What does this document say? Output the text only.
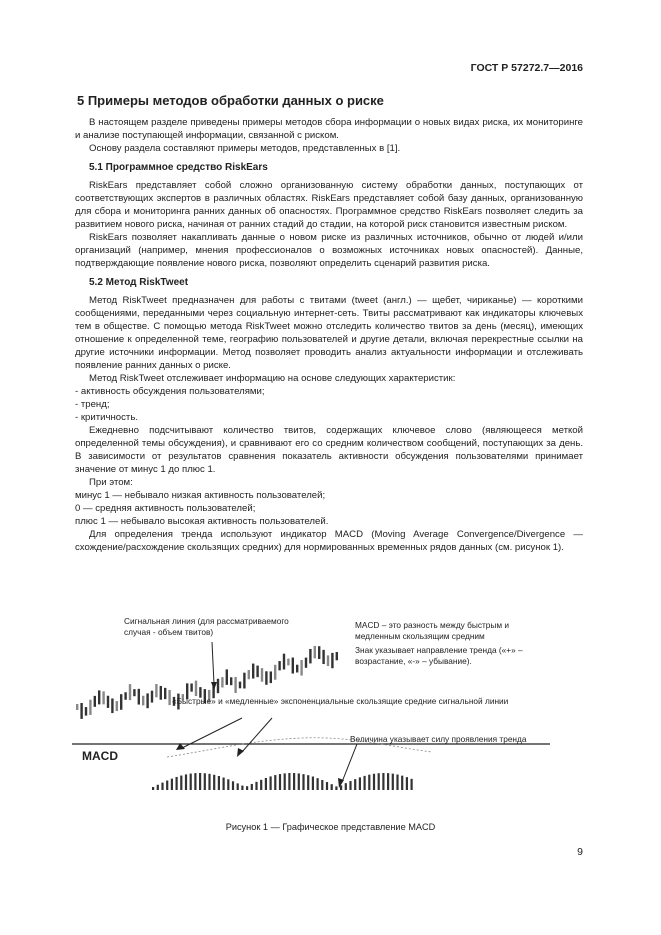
ГОСТ Р 57272.7—2016
5 Примеры методов обработки данных о риске

В настоящем разделе приведены примеры методов сбора информации о новых видах риска, их мониторинге и анализе поступающей информации, связанной с риском.

Основу раздела составляют примеры методов, представленных в [1].

5.1 Программное средство RiskEars

RiskEars представляет собой сложно организованную систему обработки данных, поступающих от соответствующих экспертов в различных областях. RiskEars представляет собой базу данных, организованную для сбора и мониторинга ранних данных об опасностях. Программное средство RiskEars позволяет следить за развитием нового риска, начиная от ранних стадий до стадии, на которой риск становится известным риском.

RiskEars позволяет накапливать данные о новом риске из различных источников, обычно от людей и/или организаций (например, мнения профессионалов о возможных источниках новых опасностей). Данные, подтверждающие появление нового риска, позволяют определить сценарий развития риска.

5.2 Метод RiskTweet

Метод RiskTweet предназначен для работы с твитами (tweet (англ.) — щебет, чириканье) — короткими сообщениями, переданными через социальную интернет-сеть. Твиты рассматривают как индикаторы ключевых тем в обществе. С помощью метода RiskTweet можно отследить количество твитов за день (месяц), имеющих отношение к определенной теме, географию пользователей и другие детали, включая перекрестные ссылки на другие источники информации. Метод позволяет проводить анализ актуальности информации и отслеживать появление ранних данных о риске.

Метод RiskTweet отслеживает информацию на основе следующих характеристик:

- активность обсуждения пользователями;

- тренд;

- критичность.

Ежедневно подсчитывают количество твитов, содержащих ключевое слово (являющееся меткой определенной темы обсуждения), и сравнивают его со средним количеством сообщений, поступающих за день. В зависимости от результатов сравнения показатель активности обсуждения пользователями принимает значение от минус 1 до плюс 1.

При этом:

минус 1 — небывало низкая активность пользователей;

0 — средняя активность пользователей;

плюс 1 — небывало высокая активность пользователей.

Для определения тренда используют индикатор MACD (Moving Average Convergence/Divergence — схождение/расхождение скользящих средних) для нормированных временных рядов данных (см. рисунок 1).

Сигнальная линия (для рассматриваемого случая - объем твитов)
MACD – это разность между быстрым и медленным скользящим средним
Знак указывает направление тренда («+» – возрастание, «-» – убывание).
«Быстрые» и «медленные» экспоненциальные скользящие средние сигнальной линии
Величина указывает силу проявления тренда
MACD
Рисунок 1 — Графическое представление MACD
9
